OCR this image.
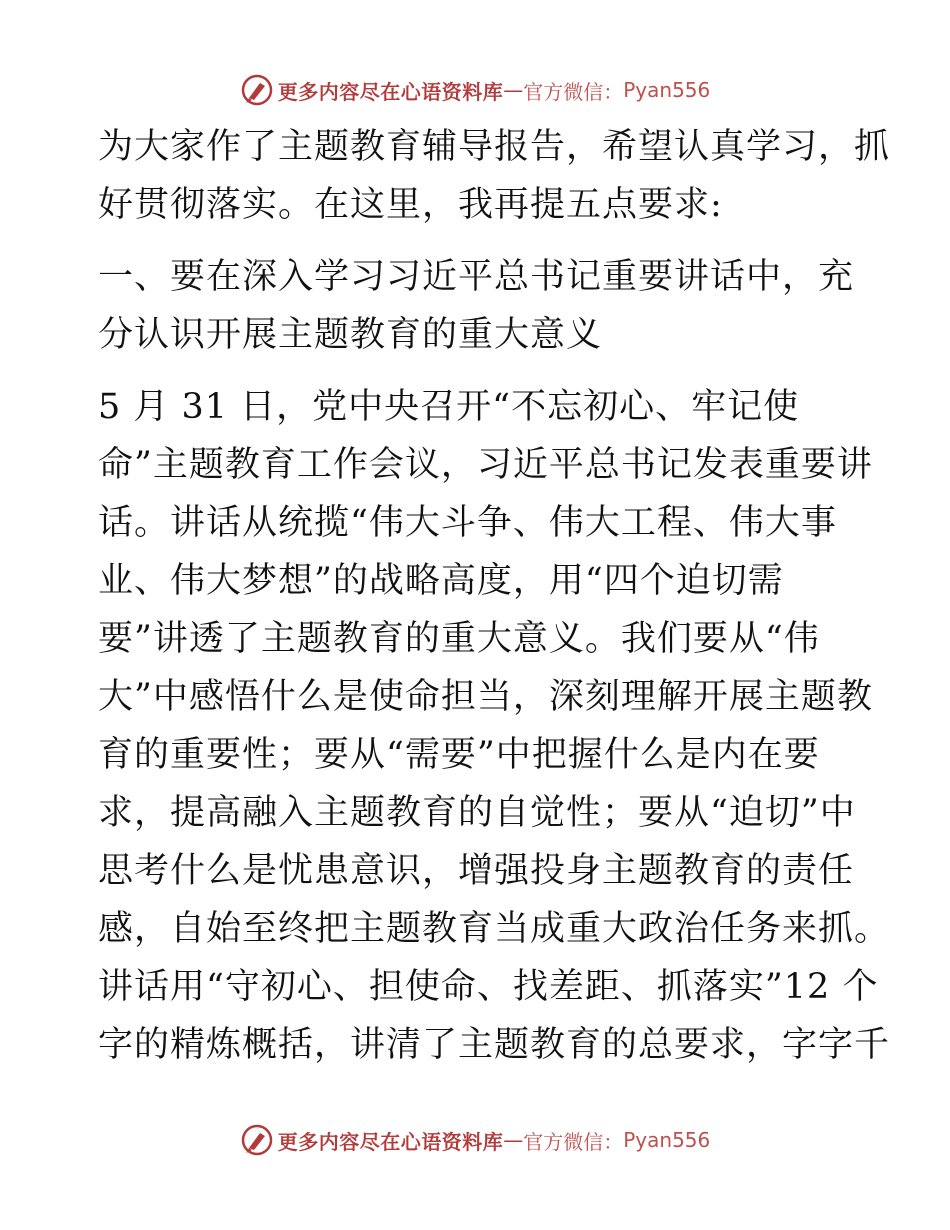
更多内容尽在心语资料库 — 官方微信： Pyan556
为大家作了主题教育辅导报告，希望认真学习，抓
好贯彻落实。在这里，我再提五点要求:
一、要在深入学习习近平总书记重要讲话中，充
分认识开展主题教育的重大意义
5 月 31 日，党中央召开“不忘初心、牢记使
命”主题教育工作会议，习近平总书记发表重要讲
话。讲话从统揽“伟大斗争、伟大工程、伟大事
业、伟大梦想”的战略高度，用“四个迫切需
要”讲透了主题教育的重大意义。我们要从“伟
大”中感悟什么是使命担当，深刻理解开展主题教
育的重要性；要从“需要”中把握什么是内在要
求，提高融入主题教育的自觉性；要从“迫切”中
思考什么是忧患意识，增强投身主题教育的责任
感，自始至终把主题教育当成重大政治任务来抓。
讲话用“守初心、担使命、找差距、抓落实”12 个
字的精炼概括，讲清了主题教育的总要求，字字千
更多内容尽在心语资料库 — 官方微信： Pyan556
